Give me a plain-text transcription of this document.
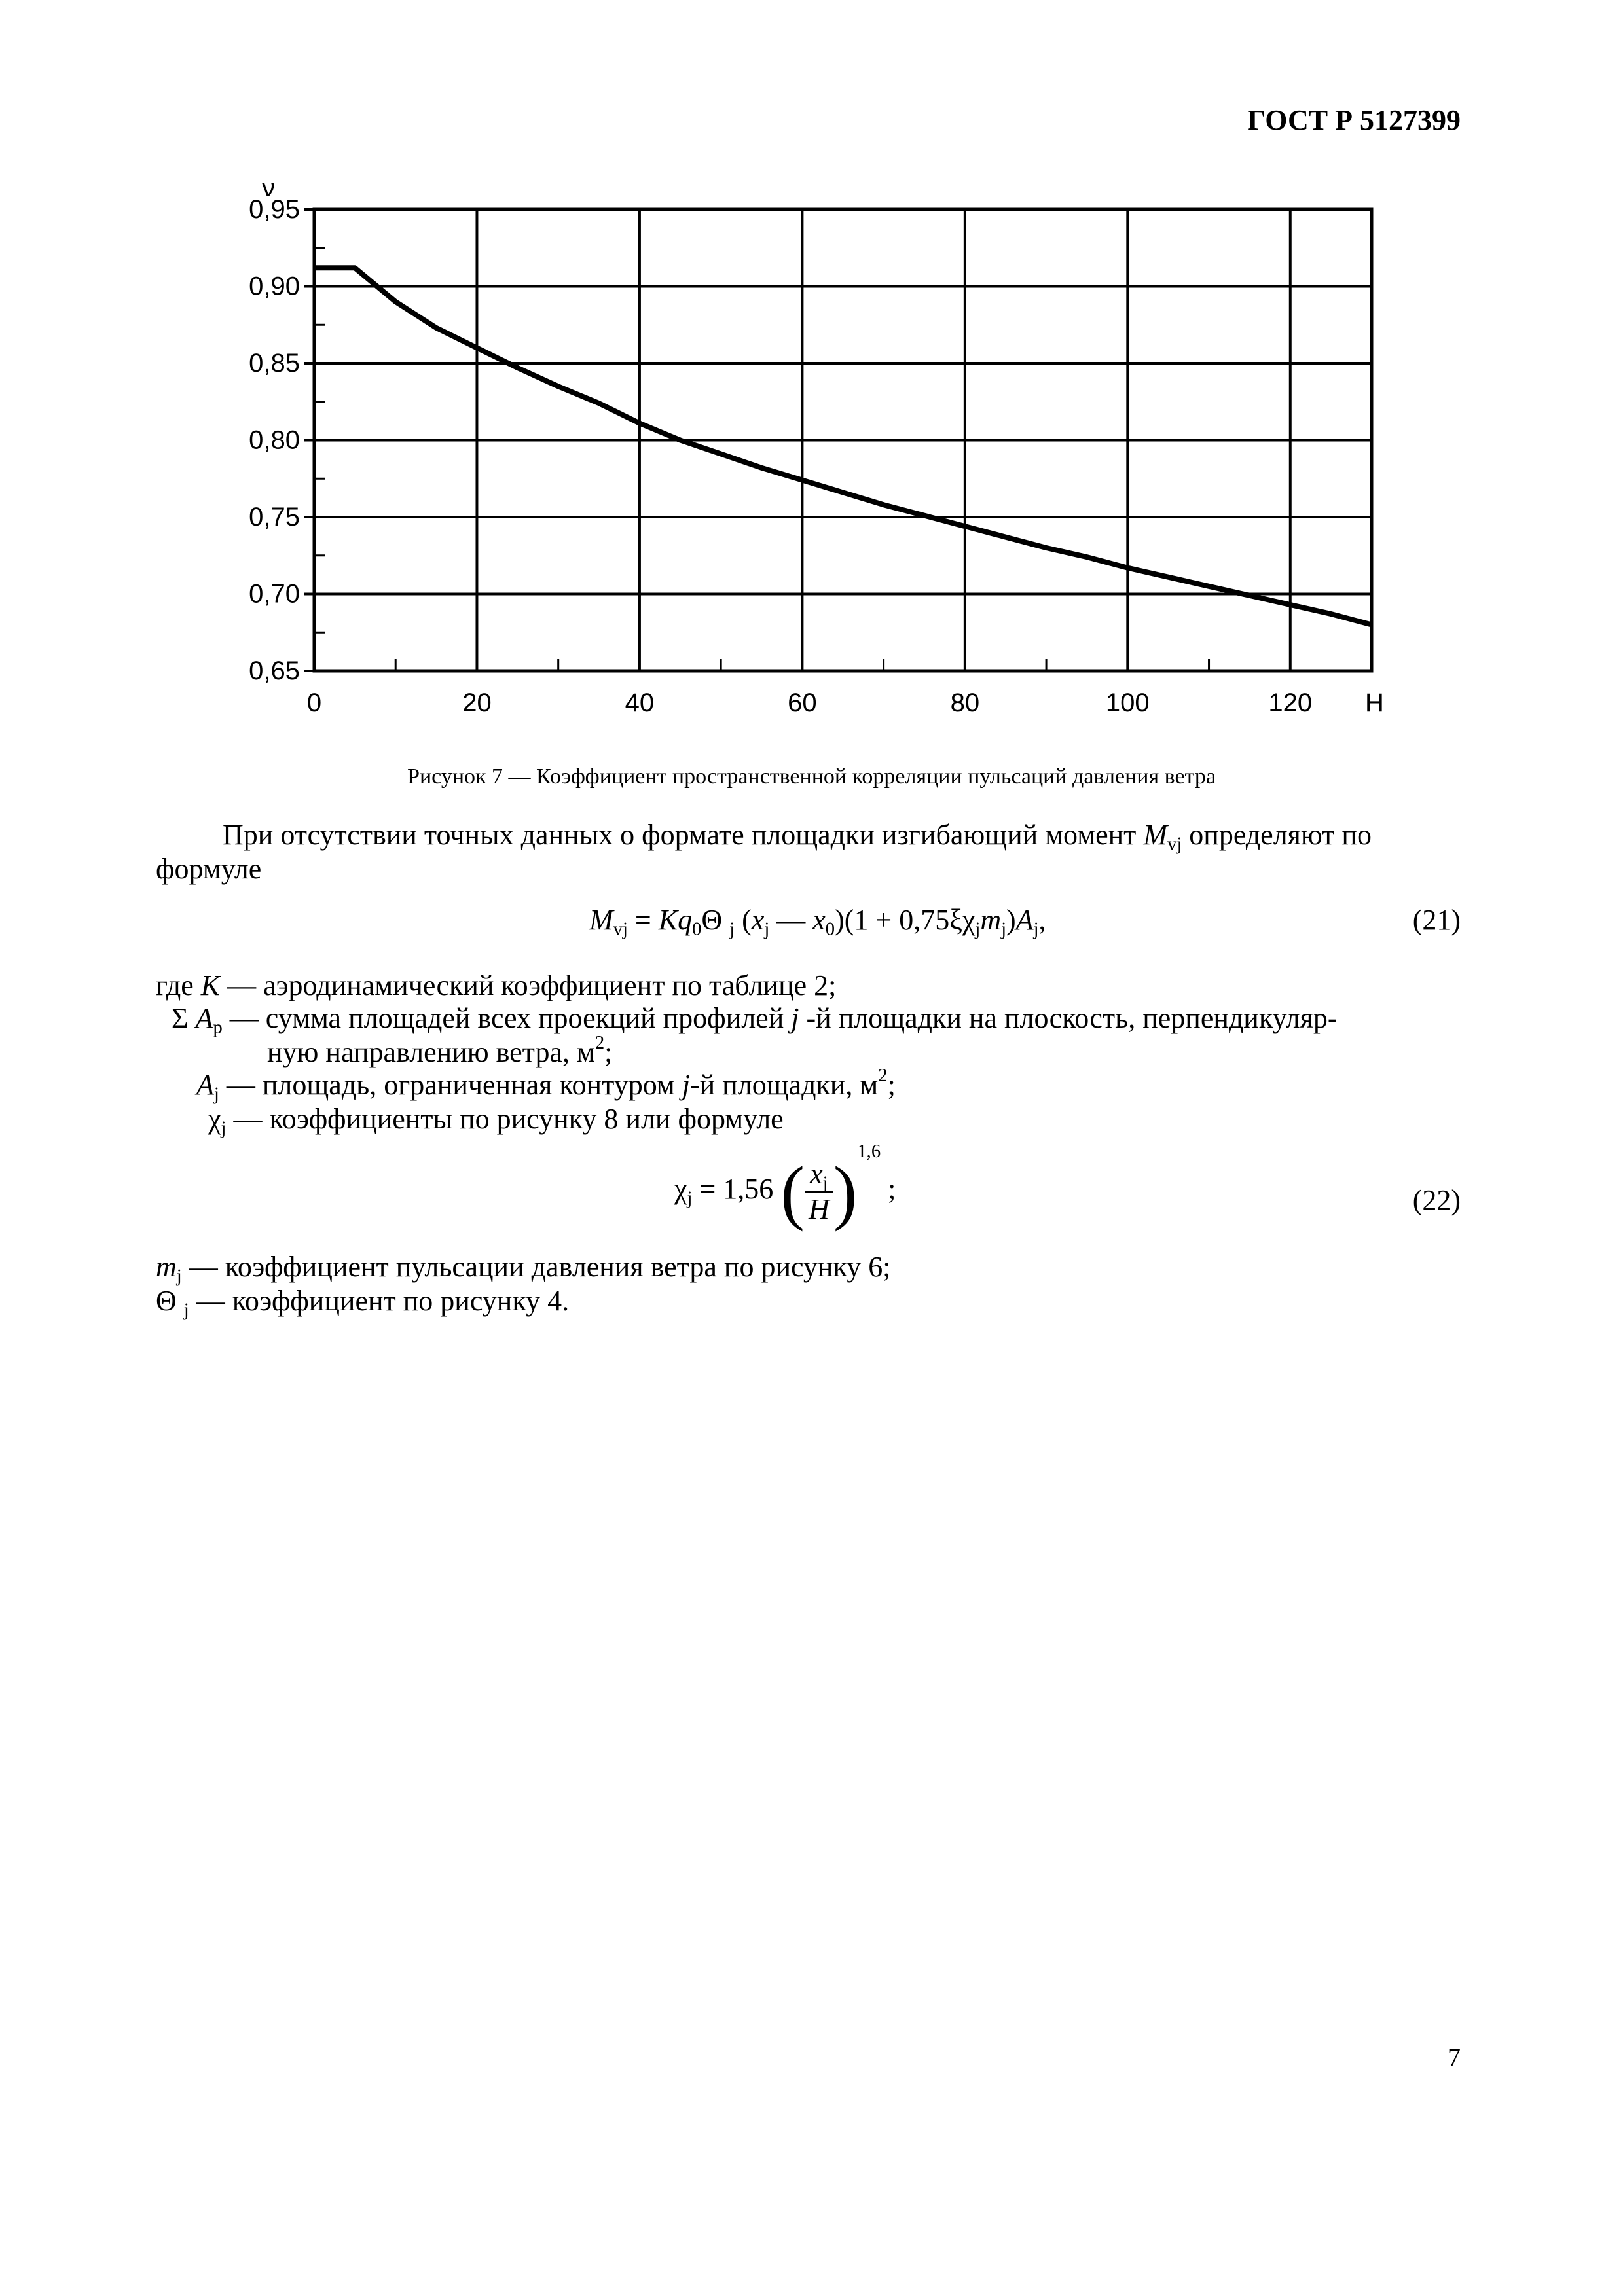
ГОСТ Р 5127399
0,95
0,90
0,85
0,80
0,75
0,70
0,65
0	20	40	60	80	100	120
ν
H
Рисунок 7 — Коэффициент пространственной корреляции пульсаций давления ветра
При отсутствии точных данных о формате площадки изгибающий момент $M_{vj}$ определяют по
формуле
$M_{vj} = Kq_0\Theta$ $_j$ ($x_j$ — $x_0)(1 + 0,75\xi\chi_jm_j)A_j$,	(21)
где K — аэродинамический коэффициент по таблице 2;
Σ $A_p$ — сумма площадей всех проекций профилей j -й площадки на плоскость, перпендикуляр-
ную направлению ветра, $м^2$;
$A_j$ — площадь, ограниченная контуром j-й площадки, $м^2$;
$\chi_j$ — коэффициенты по рисунку 8 или формуле
$\chi_j = 1,56$ ( $\frac{x_j}{H} )^{1,6}$ ;	(22)
$m_j$ — коэффициент пульсации давления ветра по рисунку 6;
Θ $_j$ — коэффициент по рисунку 4.
7
